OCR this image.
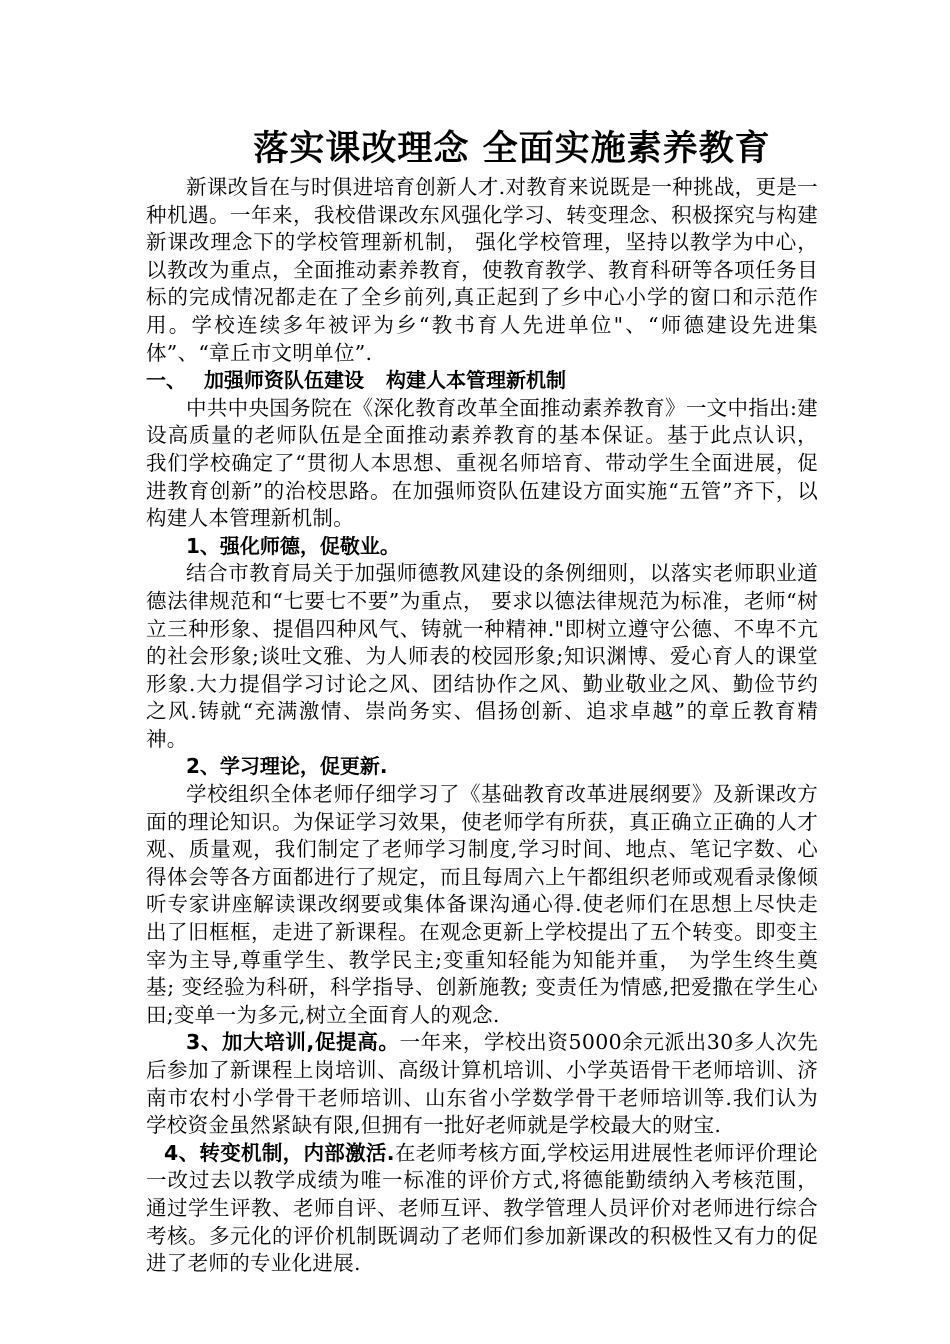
落实课改理念 全面实施素养教育

新课改旨在与时俱进培育创新人才.对教育来说既是一种挑战，更是一种机遇。一年来，我校借课改东风强化学习、转变理念、积极探究与构建新课改理念下的学校管理新机制， 强化学校管理，坚持以教学为中心，以教改为重点，全面推动素养教育，使教育教学、教育科研等各项任务目标的完成情况都走在了全乡前列,真正起到了乡中心小学的窗口和示范作用。学校连续多年被评为乡“教书育人先进单位"、“师德建设先进集体”、“章丘市文明单位”.

一、 加强师资队伍建设 构建人本管理新机制

中共中央国务院在《深化教育改革全面推动素养教育》一文中指出:建设高质量的老师队伍是全面推动素养教育的基本保证。基于此点认识， 我们学校确定了“贯彻人本思想、重视名师培育、带动学生全面进展，促进教育创新”的治校思路。在加强师资队伍建设方面实施“五管”齐下，以构建人本管理新机制。

1、强化师德，促敬业。

结合市教育局关于加强师德教风建设的条例细则，以落实老师职业道德法律规范和“七要七不要”为重点， 要求以德法律规范为标准，老师“树立三种形象、提倡四种风气、铸就一种精神."即树立遵守公德、不卑不亢的社会形象;谈吐文雅、为人师表的校园形象;知识渊博、爱心育人的课堂形象.大力提倡学习讨论之风、团结协作之风、勤业敬业之风、勤俭节约之风.铸就“充满激情、崇尚务实、倡扬创新、追求卓越”的章丘教育精神。

2、学习理论，促更新.

学校组织全体老师仔细学习了《基础教育改革进展纲要》及新课改方面的理论知识。为保证学习效果，使老师学有所获，真正确立正确的人才观、质量观，我们制定了老师学习制度,学习时间、地点、笔记字数、心得体会等各方面都进行了规定，而且每周六上午都组织老师或观看录像倾听专家讲座解读课改纲要或集体备课沟通心得.使老师们在思想上尽快走出了旧框框，走进了新课程。在观念更新上学校提出了五个转变。即变主宰为主导,尊重学生、教学民主;变重知轻能为知能并重， 为学生终生奠基; 变经验为科研，科学指导、创新施教; 变责任为情感,把爱撒在学生心田;变单一为多元,树立全面育人的观念.

3、加大培训,促提高。一年来，学校出资5000余元派出30多人次先后参加了新课程上岗培训、高级计算机培训、小学英语骨干老师培训、济南市农村小学骨干老师培训、山东省小学数学骨干老师培训等.我们认为学校资金虽然紧缺有限,但拥有一批好老师就是学校最大的财宝.

4、转变机制，内部激活.在老师考核方面,学校运用进展性老师评价理论一改过去以教学成绩为唯一标准的评价方式,将德能勤绩纳入考核范围，通过学生评教、老师自评、老师互评、教学管理人员评价对老师进行综合考核。多元化的评价机制既调动了老师们参加新课改的积极性又有力的促进了老师的专业化进展.
